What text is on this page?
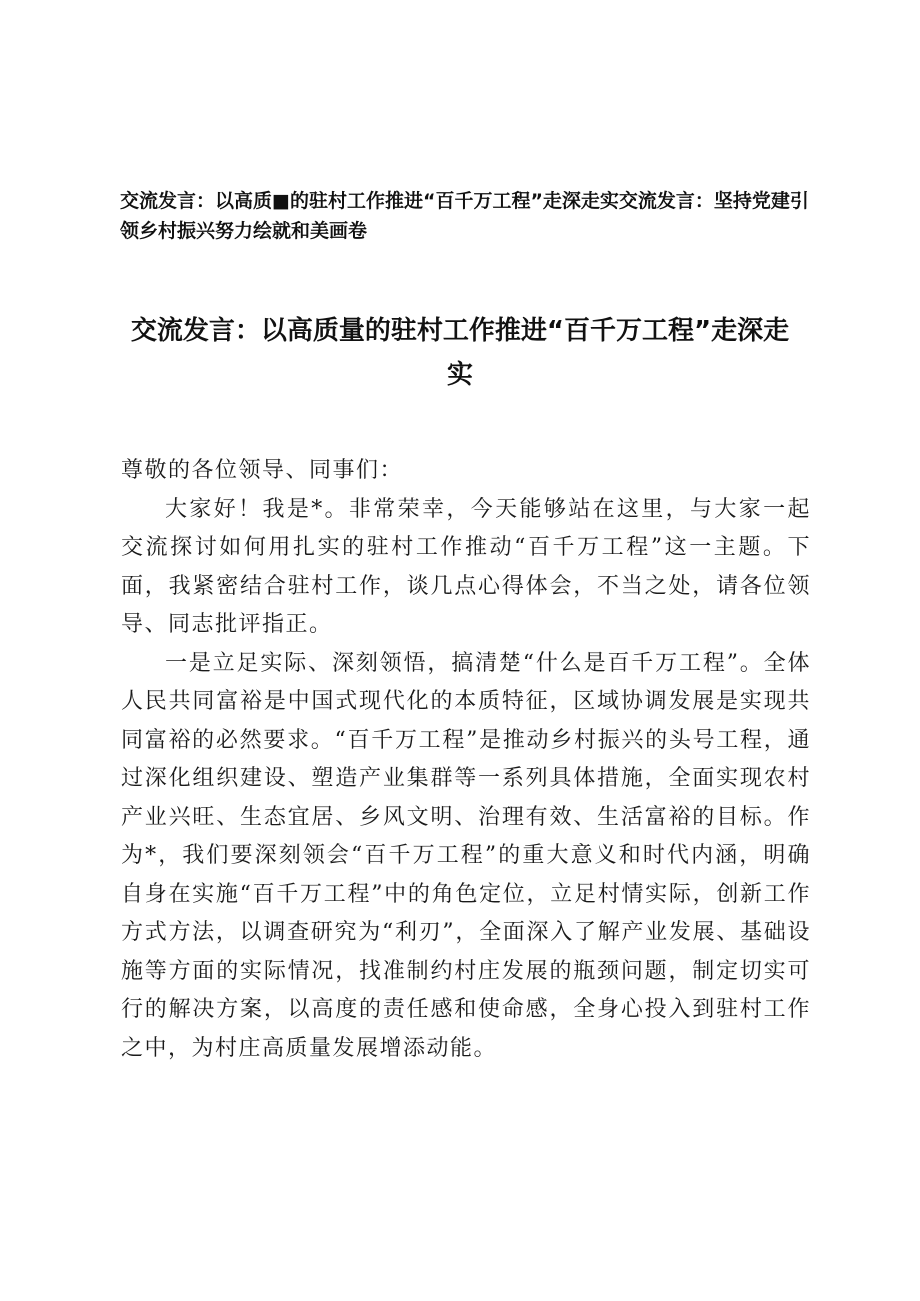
交流发言：以高质■的驻村工作推进“百千万工程”走深走实交流发言：坚持党建引领乡村振兴努力绘就和美画卷
交流发言：以高质量的驻村工作推进“百千万工程”走深走实

尊敬的各位领导、同事们：

大家好！我是*。非常荣幸，今天能够站在这里，与大家一起交流探讨如何用扎实的驻村工作推动“百千万工程”这一主题。下面，我紧密结合驻村工作，谈几点心得体会，不当之处，请各位领导、同志批评指正。

一是立足实际、深刻领悟，搞清楚“什么是百千万工程”。全体人民共同富裕是中国式现代化的本质特征，区域协调发展是实现共同富裕的必然要求。“百千万工程”是推动乡村振兴的头号工程，通过深化组织建设、塑造产业集群等一系列具体措施，全面实现农村产业兴旺、生态宜居、乡风文明、治理有效、生活富裕的目标。作为*，我们要深刻领会“百千万工程”的重大意义和时代内涵，明确自身在实施“百千万工程”中的角色定位，立足村情实际，创新工作方式方法，以调查研究为“利刃”，全面深入了解产业发展、基础设施等方面的实际情况，找准制约村庄发展的瓶颈问题，制定切实可行的解决方案，以高度的责任感和使命感，全身心投入到驻村工作之中，为村庄高质量发展增添动能。
